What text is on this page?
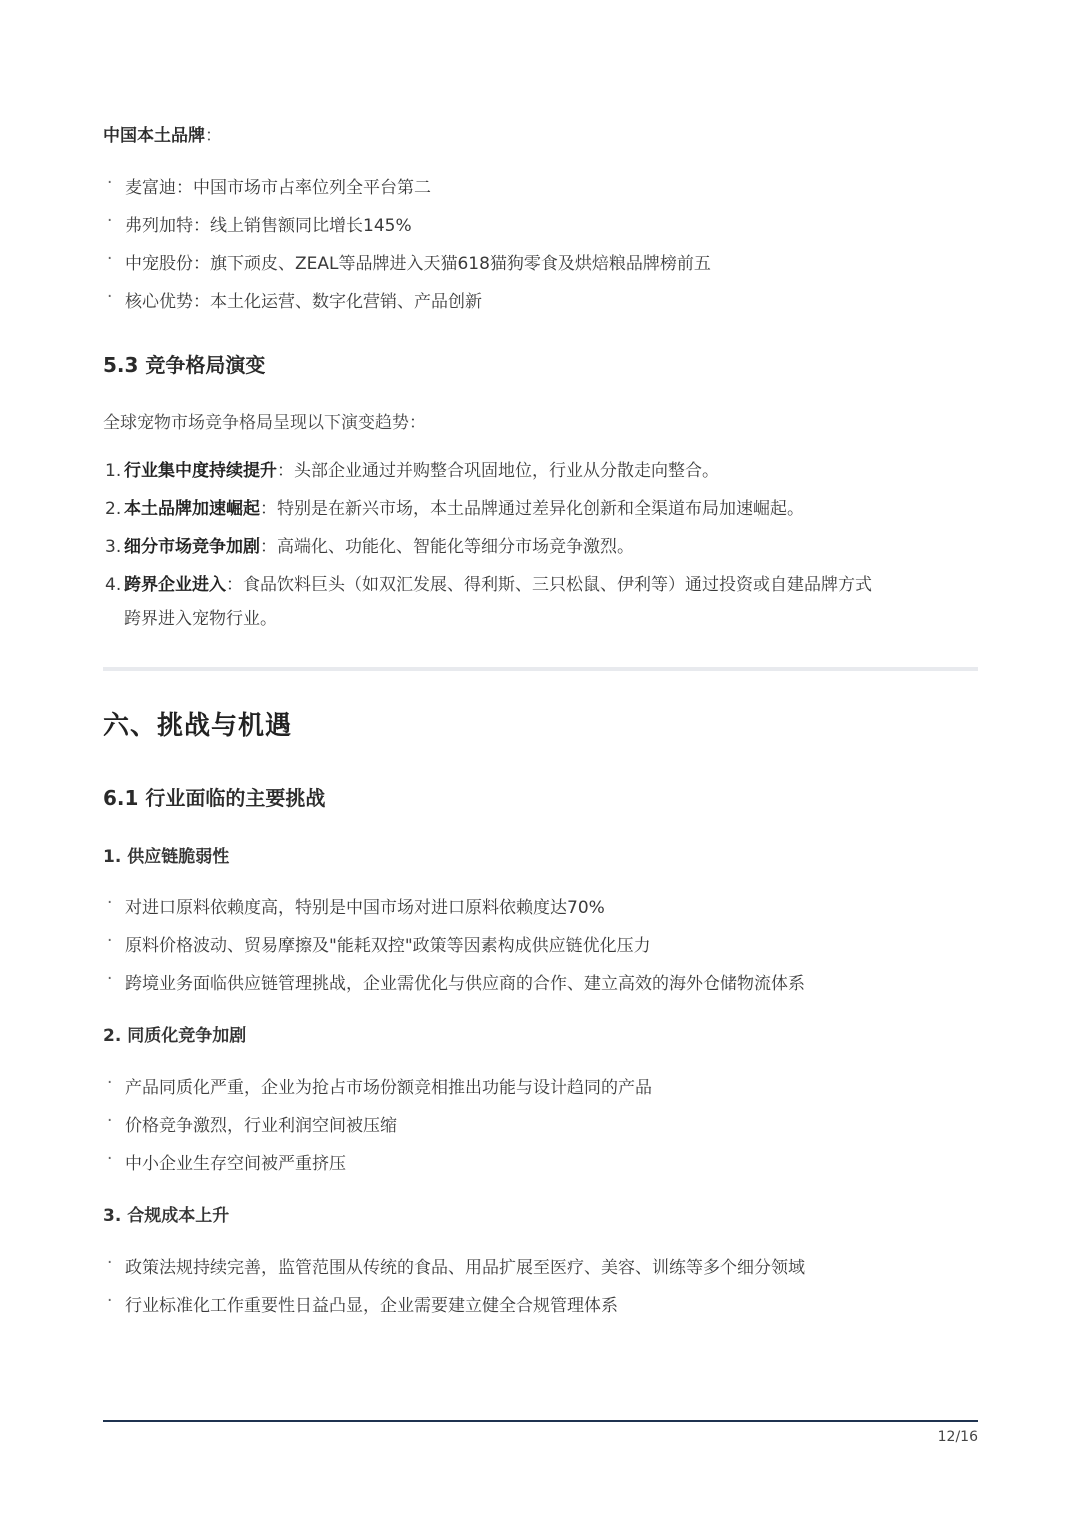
中国本土品牌：
· 麦富迪：中国市场市占率位列全平台第二
· 弗列加特：线上销售额同比增长145%
· 中宠股份：旗下顽皮、ZEAL等品牌进入天猫618猫狗零食及烘焙粮品牌榜前五
· 核心优势：本土化运营、数字化营销、产品创新
5.3 竞争格局演变
全球宠物市场竞争格局呈现以下演变趋势：
1. 行业集中度持续提升：头部企业通过并购整合巩固地位，行业从分散走向整合。
2. 本土品牌加速崛起：特别是在新兴市场，本土品牌通过差异化创新和全渠道布局加速崛起。
3. 细分市场竞争加剧：高端化、功能化、智能化等细分市场竞争激烈。
4. 跨界企业进入：食品饮料巨头（如双汇发展、得利斯、三只松鼠、伊利等）通过投资或自建品牌方式
跨界进入宠物行业。
六、挑战与机遇
6.1 行业面临的主要挑战
1. 供应链脆弱性
· 对进口原料依赖度高，特别是中国市场对进口原料依赖度达70%
· 原料价格波动、贸易摩擦及"能耗双控"政策等因素构成供应链优化压力
· 跨境业务面临供应链管理挑战，企业需优化与供应商的合作、建立高效的海外仓储物流体系
2. 同质化竞争加剧
· 产品同质化严重，企业为抢占市场份额竞相推出功能与设计趋同的产品
· 价格竞争激烈，行业利润空间被压缩
· 中小企业生存空间被严重挤压
3. 合规成本上升
· 政策法规持续完善，监管范围从传统的食品、用品扩展至医疗、美容、训练等多个细分领域
· 行业标准化工作重要性日益凸显，企业需要建立健全合规管理体系
12/16
